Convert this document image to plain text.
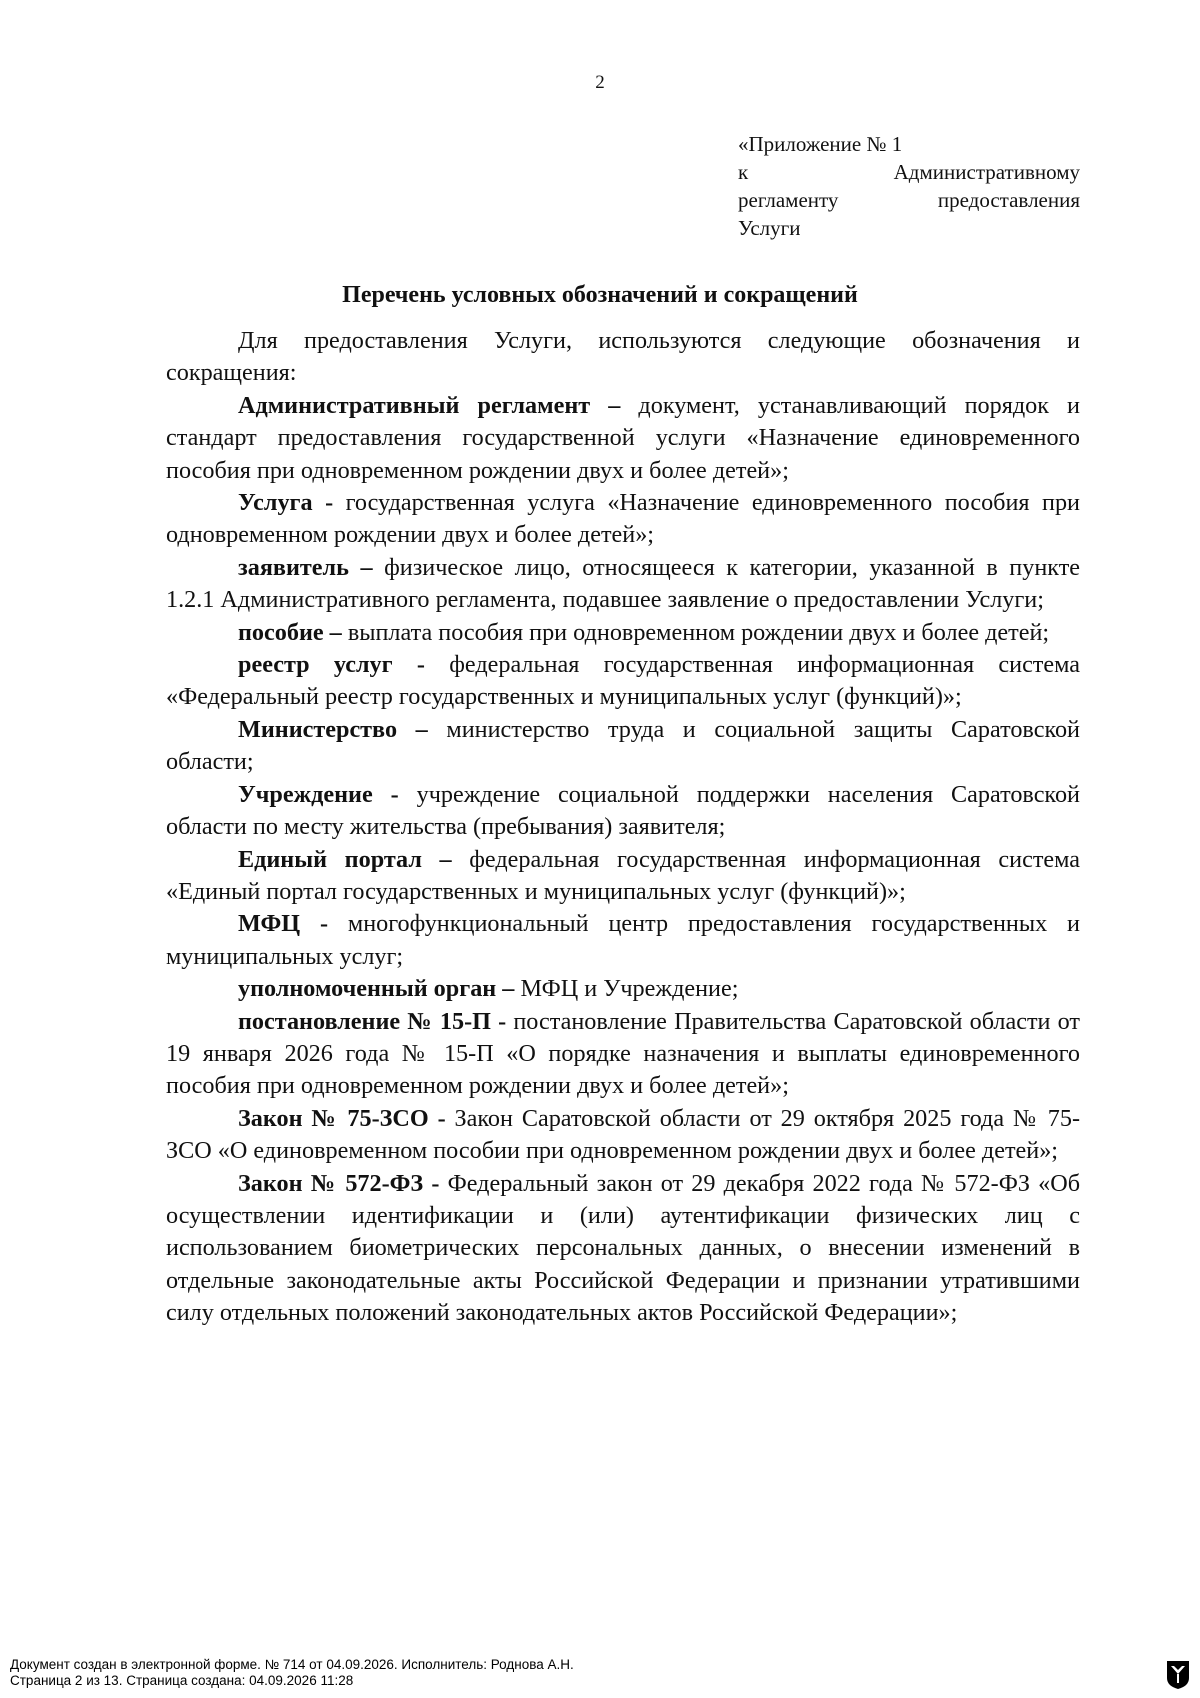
2
«Приложение № 1
к	Административному
регламенту	предоставления
Услуги
Перечень условных обозначений и сокращений

Для предоставления Услуги, используются следующие обозначения и сокращения:

Административный регламент – документ, устанавливающий порядок и стандарт предоставления государственной услуги «Назначение единовременного пособия при одновременном рождении двух и более детей»;

Услуга - государственная услуга «Назначение единовременного пособия при одновременном рождении двух и более детей»;

заявитель – физическое лицо, относящееся к категории, указанной в пункте 1.2.1 Административного регламента, подавшее заявление о предоставлении Услуги;

пособие – выплата пособия при одновременном рождении двух и более детей;

реестр услуг - федеральная государственная информационная система «Федеральный реестр государственных и муниципальных услуг (функций)»;

Министерство – министерство труда и социальной защиты Саратовской области;

Учреждение - учреждение социальной поддержки населения Саратовской области по месту жительства (пребывания) заявителя;

Единый портал – федеральная государственная информационная система «Единый портал государственных и муниципальных услуг (функций)»;

МФЦ - многофункциональный центр предоставления государственных и муниципальных услуг;

уполномоченный орган – МФЦ и Учреждение;

постановление № 15-П - постановление Правительства Саратовской области от 19 января 2026 года № 15-П «О порядке назначения и выплаты единовременного пособия при одновременном рождении двух и более детей»;

Закон № 75-ЗСО - Закон Саратовской области от 29 октября 2025 года № 75-ЗСО «О единовременном пособии при одновременном рождении двух и более детей»;

Закон № 572-ФЗ - Федеральный закон от 29 декабря 2022 года № 572-ФЗ «Об осуществлении идентификации и (или) аутентификации физических лиц с использованием биометрических персональных данных, о внесении изменений в отдельные законодательные акты Российской Федерации и признании утратившими силу отдельных положений законодательных актов Российской Федерации»;

Документ создан в электронной форме. № 714 от 04.09.2026. Исполнитель: Роднова А.Н.
Страница 2 из 13. Страница создана: 04.09.2026 11:28
